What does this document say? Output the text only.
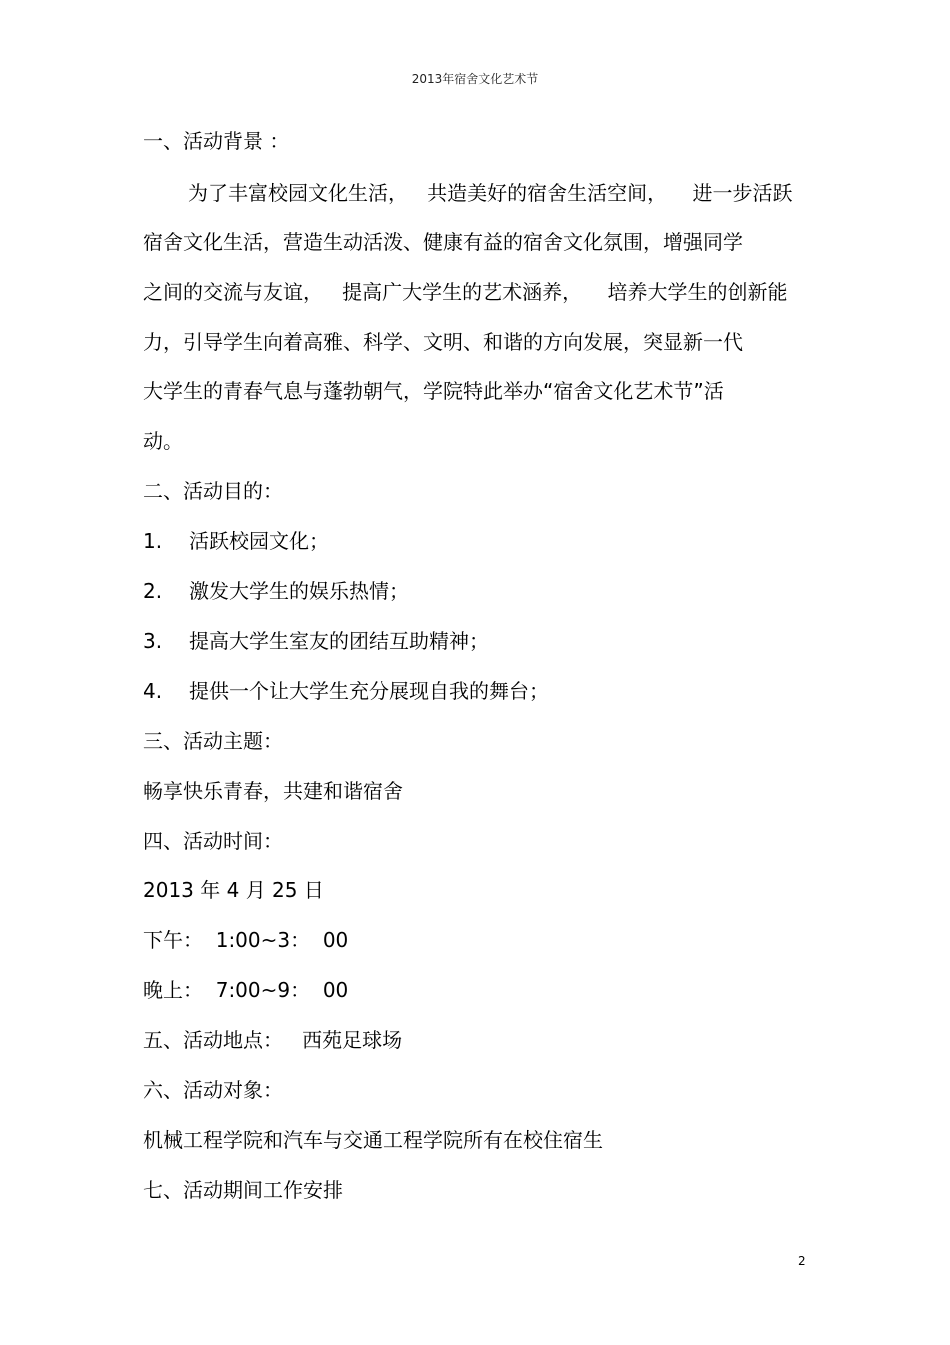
2013年宿舍文化艺术节
一、活动背景 ：
为了丰富校园文化生活，   共造美好的宿舍生活空间，    进一步活跃
宿舍文化生活，营造生动活泼、健康有益的宿舍文化氛围，增强同学
之间的交流与友谊，   提高广大学生的艺术涵养，    培养大学生的创新能
力，引导学生向着高雅、科学、文明、和谐的方向发展，突显新一代
大学生的青春气息与蓬勃朝气，学院特此举办“宿舍文化艺术节”活
动。
二、活动目的：
1. 活跃校园文化；
2. 激发大学生的娱乐热情；
3. 提高大学生室友的团结互助精神；
4. 提供一个让大学生充分展现自我的舞台；
三、活动主题：
畅享快乐青春，共建和谐宿舍
四、活动时间：
2013 年 4 月 25 日
下午：  1:00~3：  00
晚上：  7:00~9：  00
五、活动地点：   西苑足球场
六、活动对象：
机械工程学院和汽车与交通工程学院所有在校住宿生
七、活动期间工作安排
2
